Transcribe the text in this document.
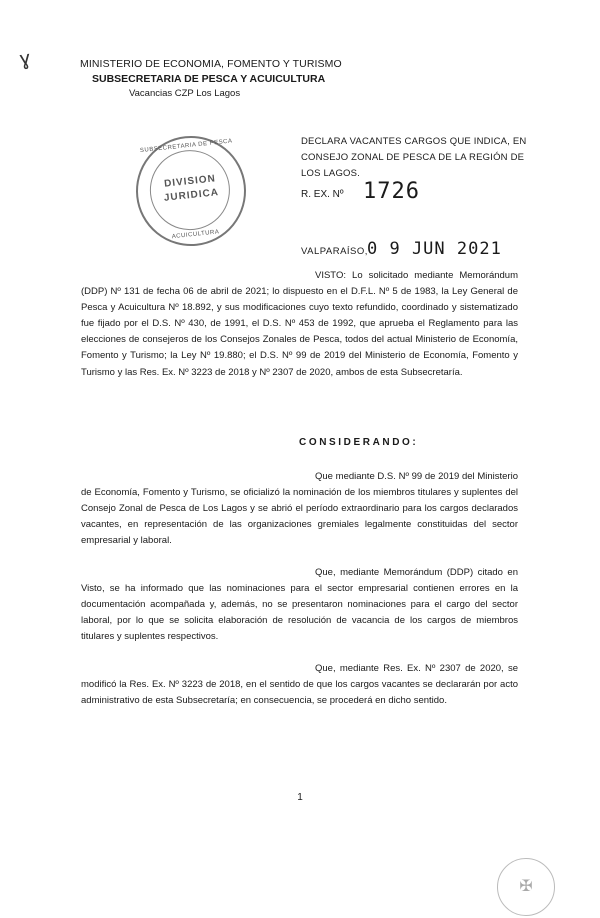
ɣ	MINISTERIO DE ECONOMIA, FOMENTO Y TURISMO
SUBSECRETARIA DE PESCA Y ACUICULTURA
Vacancias CZP Los Lagos
SUBSECRETARIA DE PESCA
DIVISION
JURIDICA
ACUICULTURA
DECLARA VACANTES CARGOS QUE INDICA, EN CONSEJO ZONAL DE PESCA DE LA REGIÓN DE LOS LAGOS.
R. EX. Nº 1726
VALPARAÍSO, 0 9 JUN 2021
VISTO: Lo solicitado mediante Memorándum (DDP) Nº 131 de fecha 06 de abril de 2021; lo dispuesto en el D.F.L. Nº 5 de 1983, la Ley General de Pesca y Acuicultura Nº 18.892, y sus modificaciones cuyo texto refundido, coordinado y sistematizado fue fijado por el D.S. Nº 430, de 1991, el D.S. Nº 453 de 1992, que aprueba el Reglamento para las elecciones de consejeros de los Consejos Zonales de Pesca, todos del actual Ministerio de Economía, Fomento y Turismo; la Ley Nº 19.880; el D.S. Nº 99 de 2019 del Ministerio de Economía, Fomento y Turismo y las Res. Ex. Nº 3223 de 2018 y Nº 2307 de 2020, ambos de esta Subsecretaría.
CONSIDERANDO:
Que mediante D.S. Nº 99 de 2019 del Ministerio de Economía, Fomento y Turismo, se oficializó la nominación de los miembros titulares y suplentes del Consejo Zonal de Pesca de Los Lagos y se abrió el período extraordinario para los cargos declarados vacantes, en representación de las organizaciones gremiales legalmente constituidas del sector empresarial y laboral.
Que, mediante Memorándum (DDP) citado en Visto, se ha informado que las nominaciones para el sector empresarial contienen errores en la documentación acompañada y, además, no se presentaron nominaciones para el cargo del sector laboral, por lo que se solicita elaboración de resolución de vacancia de los cargos de miembros titulares y suplentes respectivos.
Que, mediante Res. Ex. Nº 2307 de 2020, se modificó la Res. Ex. Nº 3223 de 2018, en el sentido de que los cargos vacantes se declararán por acto administrativo de esta Subsecretaría; en consecuencia, se procederá en dicho sentido.
1
✠
